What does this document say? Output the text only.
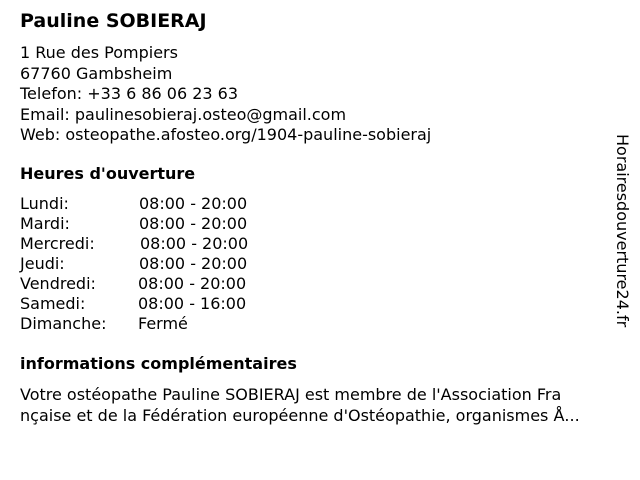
Pauline SOBIERAJ
1 Rue des Pompiers
67760 Gambsheim
Telefon: +33 6 86 06 23 63
Email: paulinesobieraj.osteo@gmail.com
Web: osteopathe.afosteo.org/1904-pauline-sobieraj
Heures d'ouverture
Lundi:	08:00 - 20:00
Mardi:	08:00 - 20:00
Mercredi:	08:00 - 20:00
Jeudi:	08:00 - 20:00
Vendredi:	08:00 - 20:00
Samedi:	08:00 - 16:00
Dimanche: Fermé
informations complémentaires
Votre ostéopathe Pauline SOBIERAJ est membre de l'Association Fra
nçaise et de la Fédération européenne d'Ostéopathie, organismes Å...
Horairesdouverture24.fr
